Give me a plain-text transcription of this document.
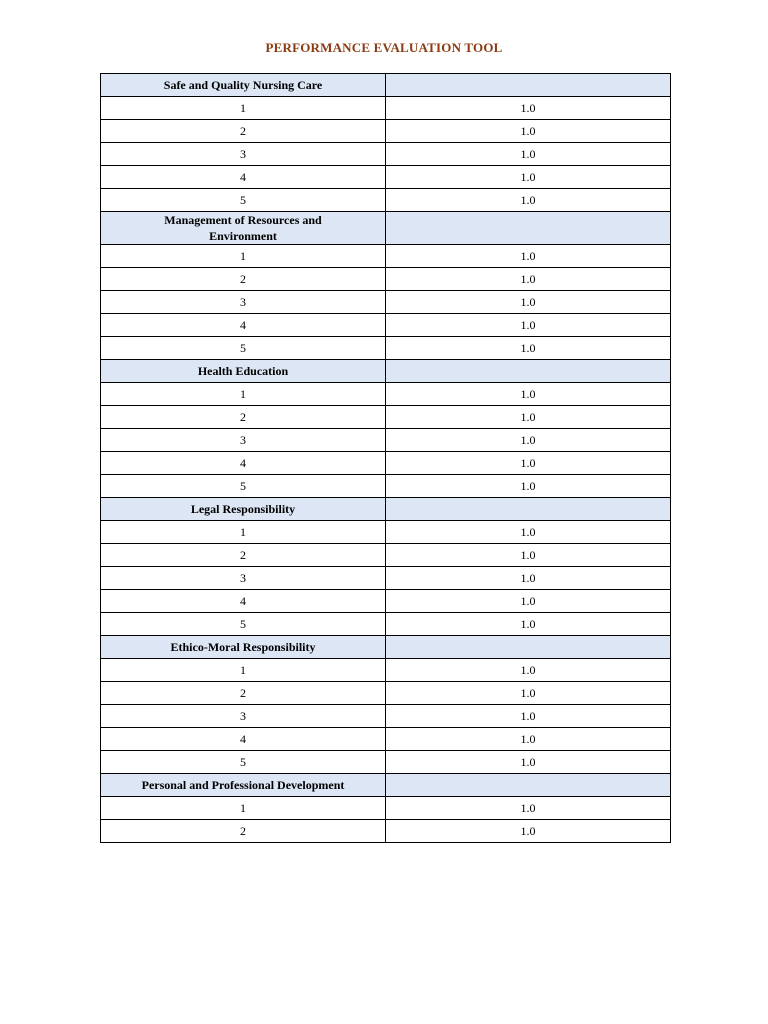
PERFORMANCE EVALUATION TOOL
Safe and Quality Nursing Care	
1	1.0
2	1.0
3	1.0
4	1.0
5	1.0
Management of Resources and Environment	
1	1.0
2	1.0
3	1.0
4	1.0
5	1.0
Health Education	
1	1.0
2	1.0
3	1.0
4	1.0
5	1.0
Legal Responsibility	
1	1.0
2	1.0
3	1.0
4	1.0
5	1.0
Ethico-Moral Responsibility	
1	1.0
2	1.0
3	1.0
4	1.0
5	1.0
Personal and Professional Development	
1	1.0
2	1.0
